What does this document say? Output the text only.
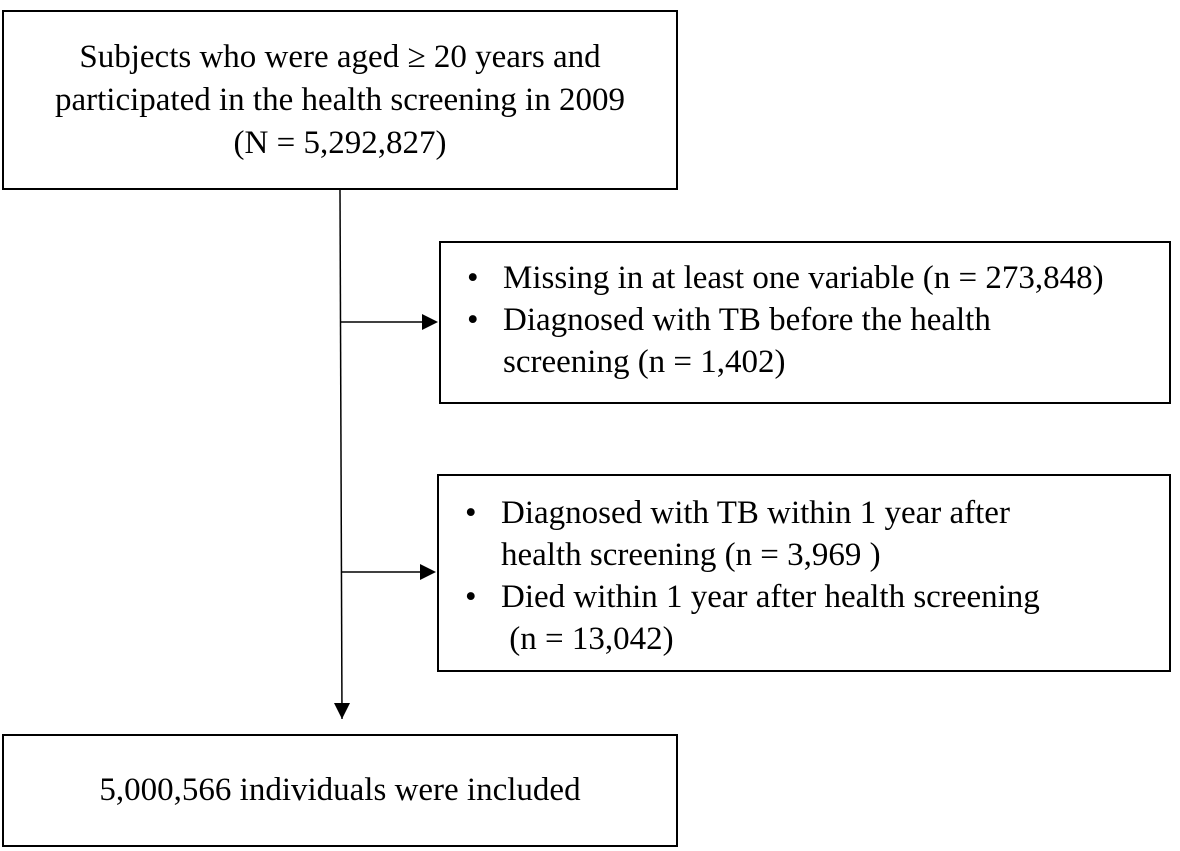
Subjects who were aged ≥ 20 years and
participated in the health screening in 2009
(N = 5,292,827)
• Missing in at least one variable (n = 273,848)
• Diagnosed with TB before the health
screening (n = 1,402)
• Diagnosed with TB within 1 year after
health screening (n = 3,969 )
• Died within 1 year after health screening
(n = 13,042)
5,000,566 individuals were included
